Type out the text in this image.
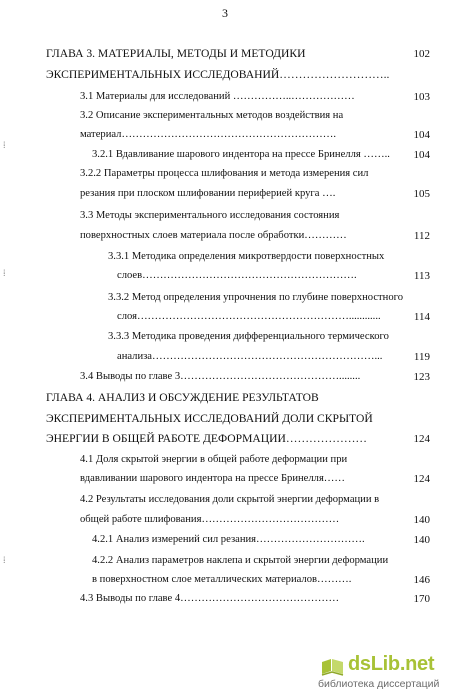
3
⁞
⁞
⁞
ГЛАВА 3. МАТЕРИАЛЫ, МЕТОДЫ И МЕТОДИКИ	102
ЭКСПЕРИМЕНТАЛЬНЫХ ИССЛЕДОВАНИЙ………………………..
3.1 Материалы для исследований ……………..………………	103
3.2 Описание экспериментальных методов воздействия на
материал…………………………………………………….	104
3.2.1 Вдавливание шарового индентора на прессе Бринелля ……..	104
3.2.2 Параметры процесса шлифования и метода измерения сил
резания при плоском шлифовании периферией круга ….	105
3.3 Методы экспериментального исследования состояния
поверхностных слоев материала после обработки…………	112
3.3.1 Методика определения микротвердости поверхностных
слоев…………………………………………………….	113
3.3.2 Метод определения упрочнения по глубине поверхностного
слоя……………………………………………………............	114
3.3.3 Методика проведения дифференциального термического
анализа………………………………………………………...	119
3.4 Выводы по главе 3………………………………………........	123
ГЛАВА 4. АНАЛИЗ И ОБСУЖДЕНИЕ РЕЗУЛЬТАТОВ
ЭКСПЕРИМЕНТАЛЬНЫХ ИССЛЕДОВАНИЙ ДОЛИ СКРЫТОЙ
ЭНЕРГИИ В ОБЩЕЙ РАБОТЕ ДЕФОРМАЦИИ…………………	124
4.1 Доля скрытой энергии в общей работе деформации при
вдавливании шарового индентора на прессе Бринелля……	124
4.2 Результаты исследования доли скрытой энергии деформации в
общей работе шлифования…………………………………	140
4.2.1 Анализ измерений сил резания………………………….	140
4.2.2 Анализ параметров наклепа и скрытой энергии деформации
в поверхностном слое металлических материалов……….	146
4.3 Выводы по главе 4………………………………………	170
dsLib.net
библиотека диссертаций
